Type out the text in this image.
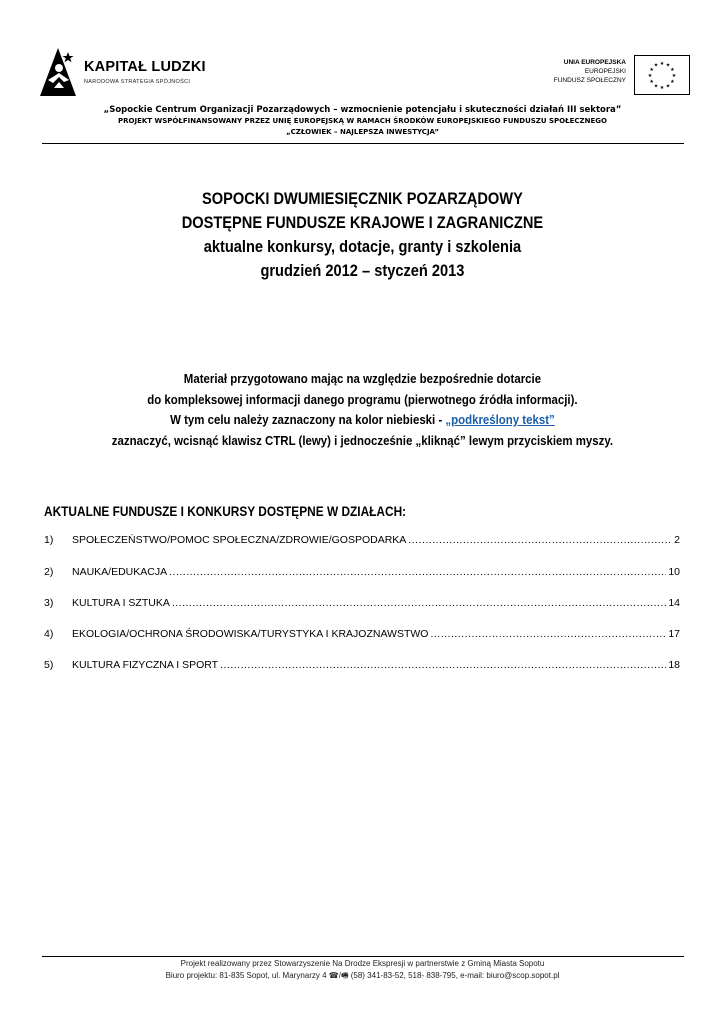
KAPITAŁ LUDZKI
NARODOWA STRATEGIA SPÓJNOŚCI
UNIA EUROPEJSKA
EUROPEJSKI
FUNDUSZ SPOŁECZNY
★ ★
★
★
★
★
★
★
★
★
★
★
„Sopockie Centrum Organizacji Pozarządowych – wzmocnienie potencjału i skuteczności działań III sektora”
PROJEKT WSPÓŁFINANSOWANY PRZEZ UNIĘ EUROPEJSKĄ W RAMACH ŚRODKÓW EUROPEJSKIEGO FUNDUSZU SPOŁECZNEGO
„CZŁOWIEK – NAJLEPSZA INWESTYCJA”
SOPOCKI DWUMIESIĘCZNIK POZARZĄDOWY
DOSTĘPNE FUNDUSZE KRAJOWE I ZAGRANICZNE
aktualne konkursy, dotacje, granty i szkolenia
grudzień 2012 – styczeń 2013
Materiał przygotowano mając na względzie bezpośrednie dotarcie
do kompleksowej informacji danego programu (pierwotnego źródła informacji).
W tym celu należy zaznaczony na kolor niebieski - „podkreślony tekst”
zaznaczyć, wcisnąć klawisz CTRL (lewy) i jednocześnie „kliknąć” lewym przyciskiem myszy.
AKTUALNE FUNDUSZE I KONKURSY DOSTĘPNE W DZIAŁACH:
1)	SPOŁECZEŃSTWO/POMOC SPOŁECZNA/ZDROWIE/GOSPODARKA .....	2
2)	NAUKA/EDUKACJA .....	10
3)	KULTURA I SZTUKA .....	14
4)	EKOLOGIA/OCHRONA ŚRODOWISKA/TURYSTYKA I KRAJOZNAWSTWO .....	17
5)	KULTURA FIZYCZNA I SPORT .....	18
Projekt realizowany przez Stowarzyszenie Na Drodze Ekspresji w partnerstwie z Gminą Miasta Sopotu
Biuro projektu: 81-835 Sopot, ul. Marynarzy 4 ☎/🖷 (58) 341-83-52, 518- 838-795, e-mail: biuro@scop.sopot.pl
